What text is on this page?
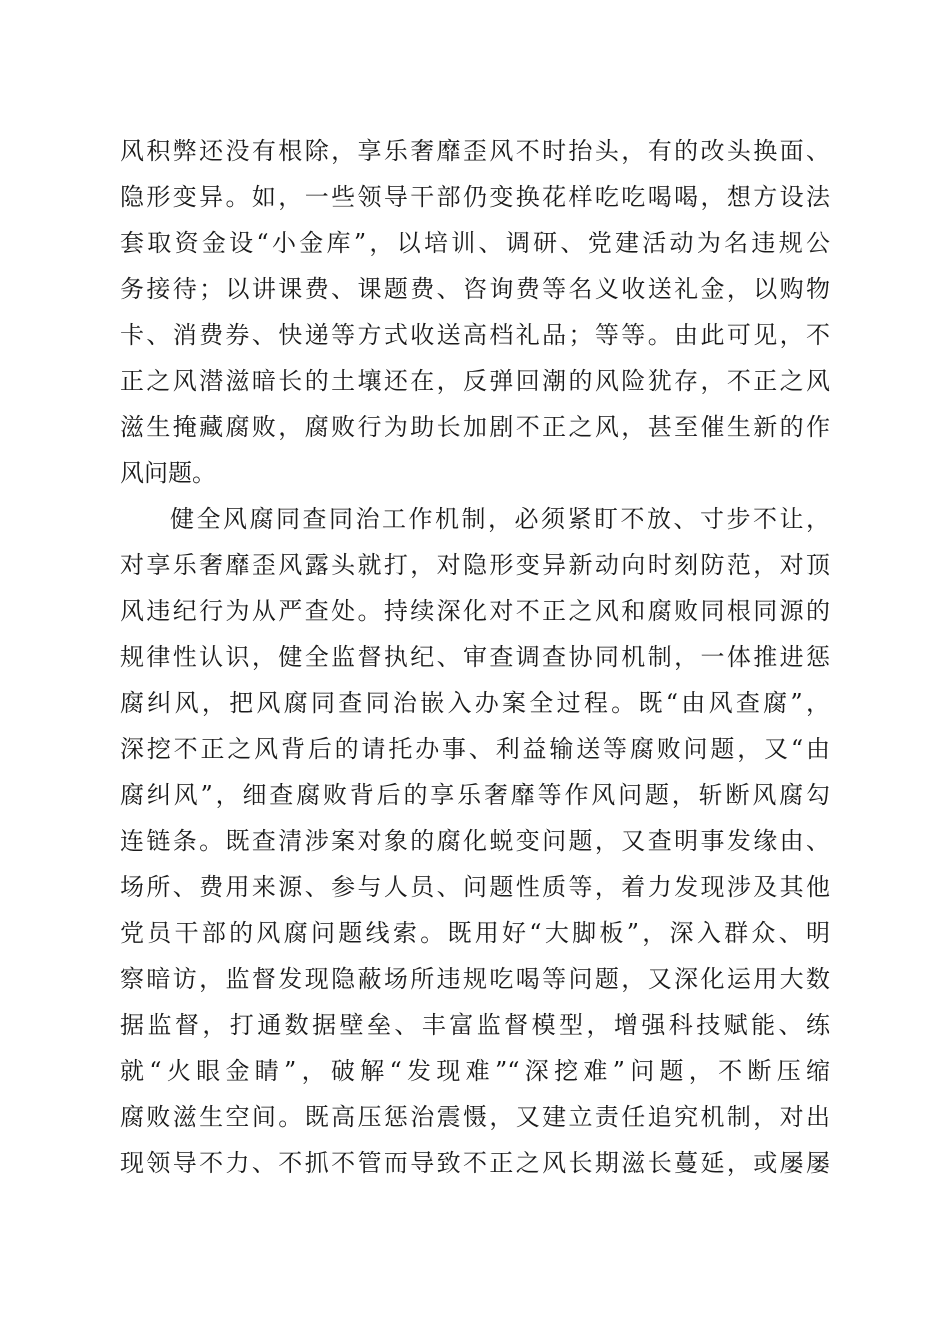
风积弊还没有根除，享乐奢靡歪风不时抬头，有的改头换面、
隐形变异。如，一些领导干部仍变换花样吃吃喝喝，想方设法
套取资金设“小金库”，以培训、调研、党建活动为名违规公
务接待；以讲课费、课题费、咨询费等名义收送礼金，以购物
卡、消费券、快递等方式收送高档礼品；等等。由此可见，不
正之风潜滋暗长的土壤还在，反弹回潮的风险犹存，不正之风
滋生掩藏腐败，腐败行为助长加剧不正之风，甚至催生新的作
风问题。
健全风腐同查同治工作机制，必须紧盯不放、寸步不让，
对享乐奢靡歪风露头就打，对隐形变异新动向时刻防范，对顶
风违纪行为从严查处。持续深化对不正之风和腐败同根同源的
规律性认识，健全监督执纪、审查调查协同机制，一体推进惩
腐纠风，把风腐同查同治嵌入办案全过程。既“由风查腐”，
深挖不正之风背后的请托办事、利益输送等腐败问题，又“由
腐纠风”，细查腐败背后的享乐奢靡等作风问题，斩断风腐勾
连链条。既查清涉案对象的腐化蜕变问题，又查明事发缘由、
场所、费用来源、参与人员、问题性质等，着力发现涉及其他
党员干部的风腐问题线索。既用好“大脚板”，深入群众、明
察暗访，监督发现隐蔽场所违规吃喝等问题，又深化运用大数
据监督，打通数据壁垒、丰富监督模型，增强科技赋能、练
就“火眼金睛”，破解“发现难”“深挖难”问题，不断压缩
腐败滋生空间。既高压惩治震慑，又建立责任追究机制，对出
现领导不力、不抓不管而导致不正之风长期滋长蔓延，或屡屡
